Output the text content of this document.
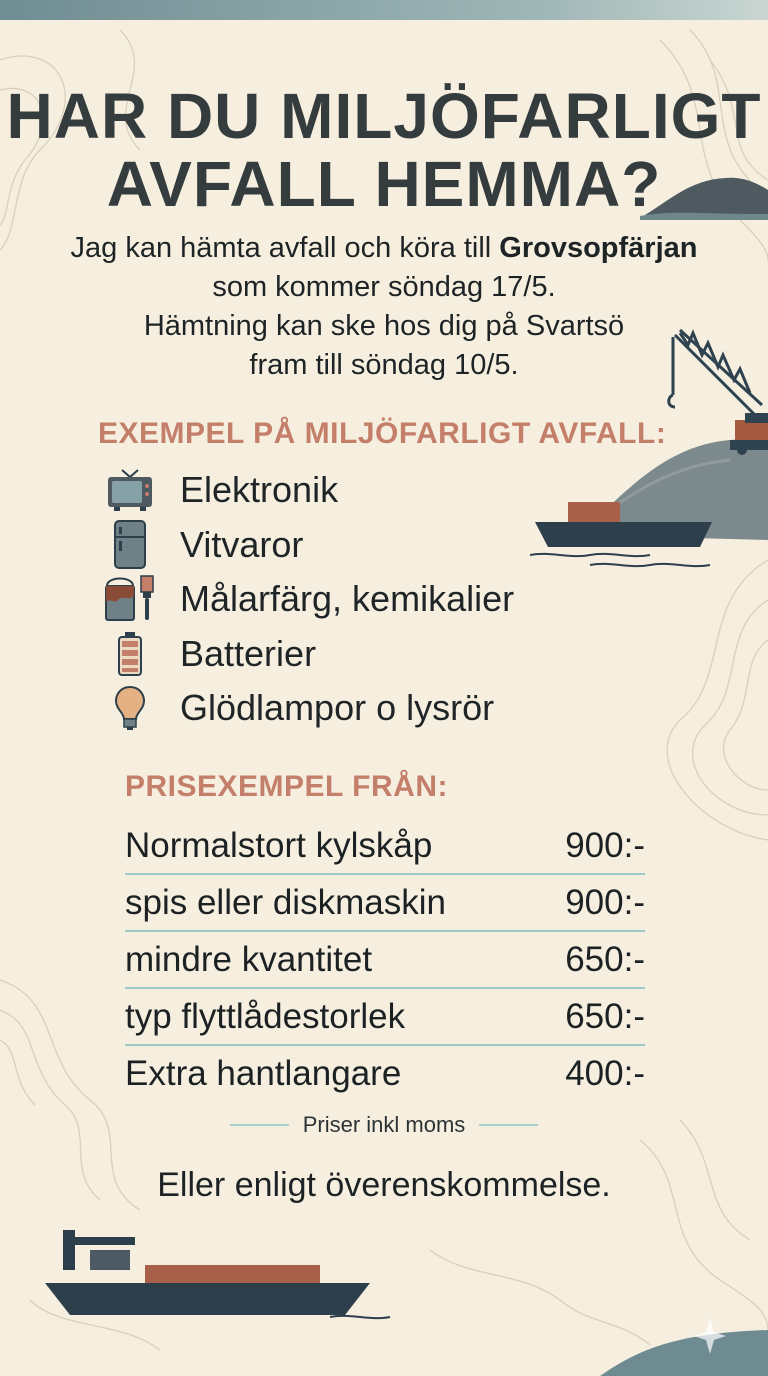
HAR DU MILJÖFARLIGT
AVFALL HEMMA?
Jag kan hämta avfall och köra till Grovsopfärjan
som kommer söndag 17/5.
Hämtning kan ske hos dig på Svartsö
fram till söndag 10/5.
EXEMPEL PÅ MILJÖFARLIGT AVFALL:
Elektronik
Vitvaror
Målarfärg, kemikalier
Batterier
Glödlampor o lysrör
PRISEXEMPEL FRÅN:
Normalstort kylskåp	900:-
spis eller diskmaskin	900:-
mindre kvantitet	650:-
typ flyttlådestorlek	650:-
Extra hantlangare	400:-
Priser inkl moms
Eller enligt överenskommelse.
